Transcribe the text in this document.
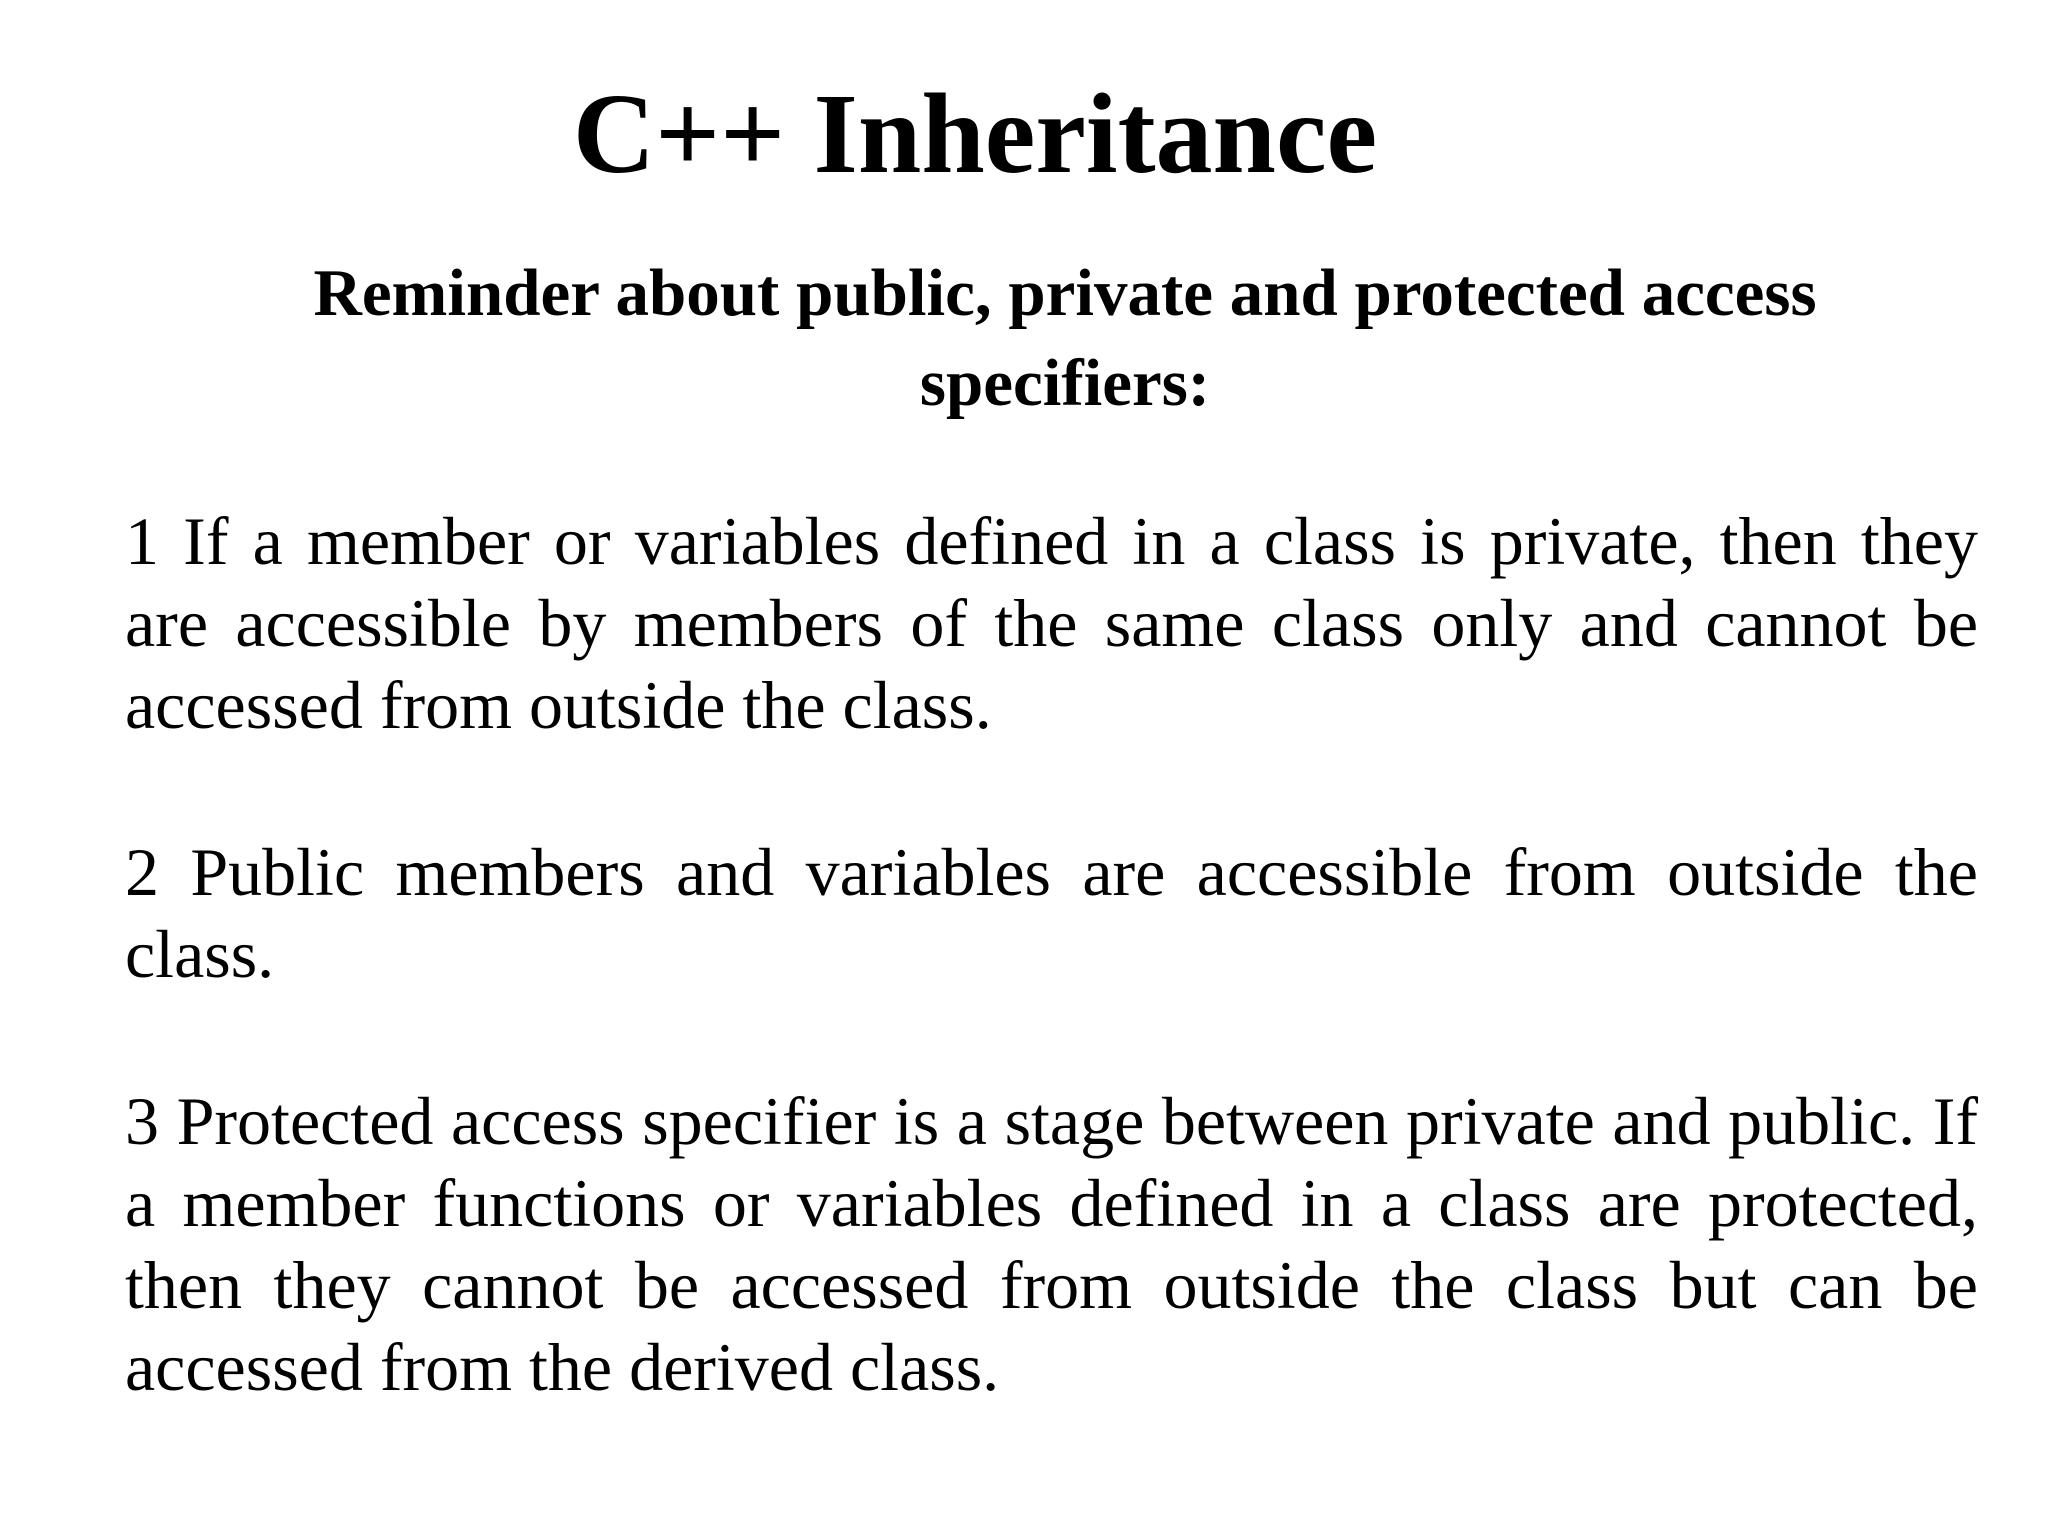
C++ Inheritance
Reminder about public, private and protected access specifiers:

1 If a member or variables defined in a class is private, then they are accessible by members of the same class only and cannot be accessed from outside the class.

2 Public members and variables are accessible from outside the class.

3 Protected access specifier is a stage between private and public. If a member functions or variables defined in a class are protected, then they cannot be accessed from outside the class but can be accessed from the derived class.
